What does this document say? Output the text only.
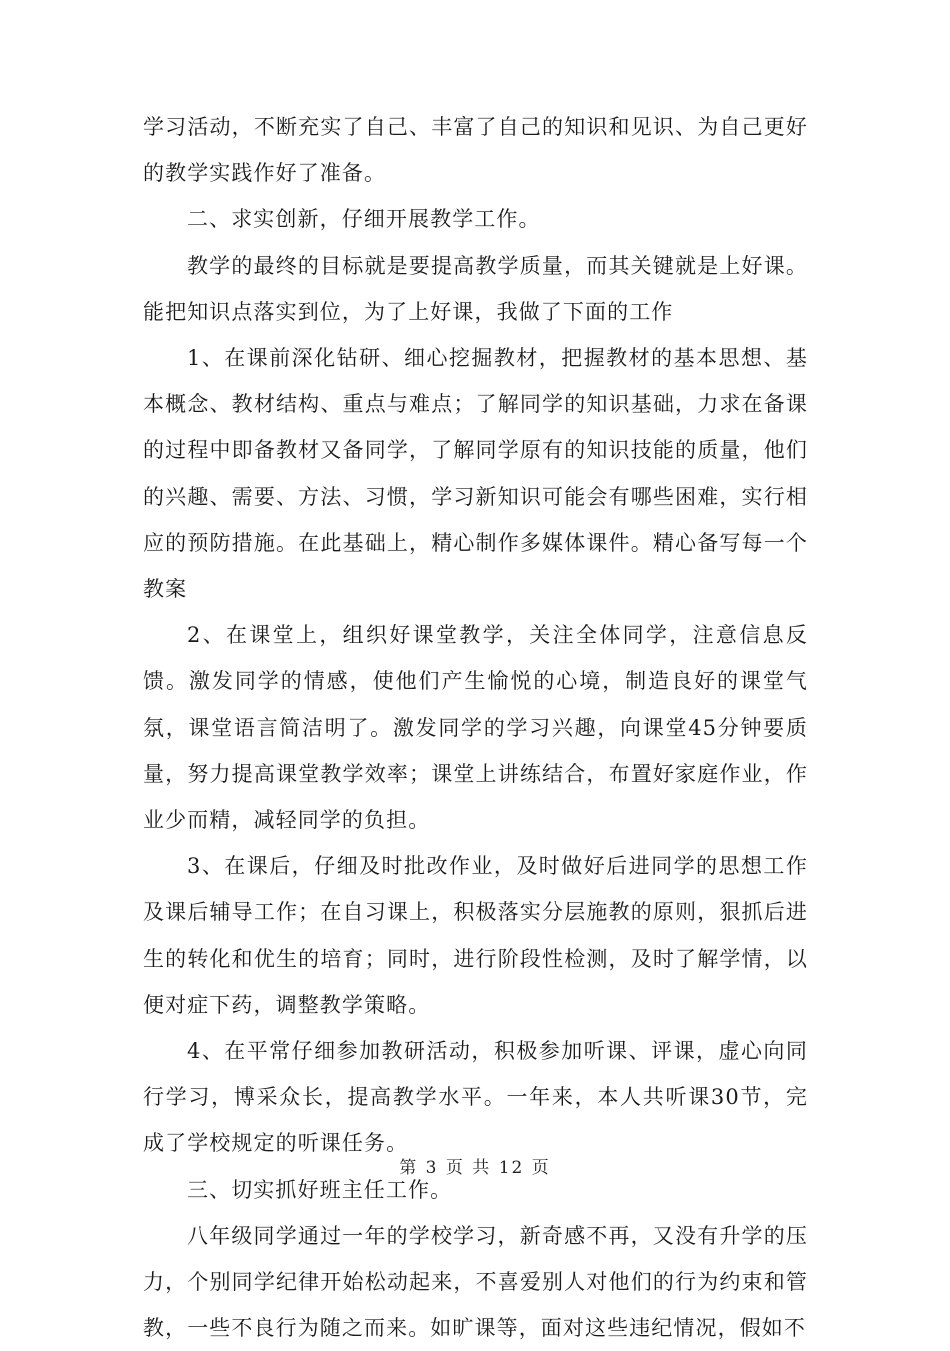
学习活动，不断充实了自己、丰富了自己的知识和见识、为自己更好的教学实践作好了准备。

二、求实创新，仔细开展教学工作。

教学的最终的目标就是要提高教学质量，而其关键就是上好课。能把知识点落实到位，为了上好课，我做了下面的工作

1、在课前深化钻研、细心挖掘教材，把握教材的基本思想、基本概念、教材结构、重点与难点；了解同学的知识基础，力求在备课的过程中即备教材又备同学，了解同学原有的知识技能的质量，他们的兴趣、需要、方法、习惯，学习新知识可能会有哪些困难，实行相应的预防措施。在此基础上，精心制作多媒体课件。精心备写每一个教案

2、在课堂上，组织好课堂教学，关注全体同学，注意信息反馈。激发同学的情感，使他们产生愉悦的心境，制造良好的课堂气氛，课堂语言简洁明了。激发同学的学习兴趣，向课堂45分钟要质量，努力提高课堂教学效率；课堂上讲练结合，布置好家庭作业，作业少而精，减轻同学的负担。

3、在课后，仔细及时批改作业，及时做好后进同学的思想工作及课后辅导工作；在自习课上，积极落实分层施教的原则，狠抓后进生的转化和优生的培育；同时，进行阶段性检测，及时了解学情，以便对症下药，调整教学策略。

4、在平常仔细参加教研活动，积极参加听课、评课，虚心向同行学习，博采众长，提高教学水平。一年来，本人共听课30节，完成了学校规定的听课任务。

三、切实抓好班主任工作。

八年级同学通过一年的学校学习，新奇感不再，又没有升学的压力，个别同学纪律开始松动起来，不喜爱别人对他们的行为约束和管教，一些不良行为随之而来。如旷课等，面对这些违纪情况，假如不

第 3 页 共 12 页
